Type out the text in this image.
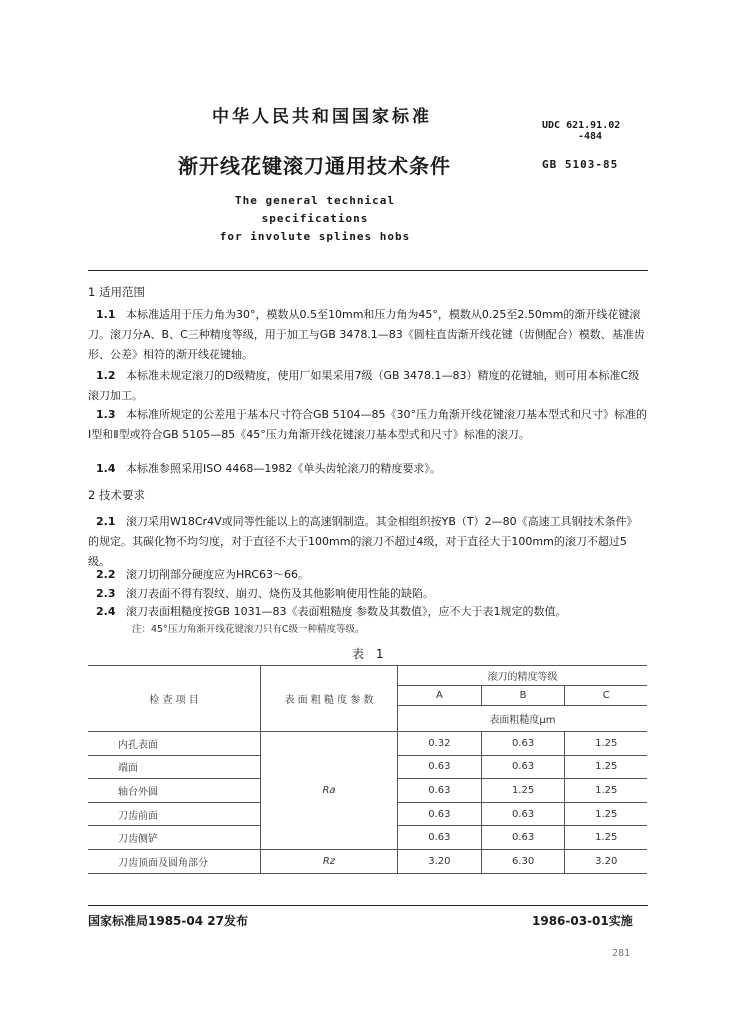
中华人民共和国国家标准	UDC 621.91.02
-484
渐开线花键滚刀通用技术条件	GB 5103-85
The general technical specifications
for involute splines hobs
1 适用范围
1.1 本标准适用于压力角为30°，模数从0.5至10mm和压力角为45°，模数从0.25至2.50mm的渐开线花键滚刀。滚刀分A、B、C三种精度等级，用于加工与GB 3478.1—83《圆柱直齿渐开线花键（齿侧配合）模数、基准齿形、公差》相符的渐开线花键轴。
1.2 本标准未规定滚刀的D级精度，使用厂如果采用7级（GB 3478.1—83）精度的花键轴，则可用本标准C级滚刀加工。
1.3 本标准所规定的公差甩于基本尺寸符合GB 5104—85《30°压力角渐开线花键滚刀基本型式和尺寸》标准的Ⅰ型和Ⅱ型或符合GB 5105—85《45°压力角渐开线花键滚刀基本型式和尺寸》标准的滚刀。
1.4 本标准参照采用ISO 4468—1982《单头齿轮滚刀的精度要求》。
2 技术要求
2.1 滚刀采用W18Cr4V或同等性能以上的高速钢制造。其金相组织按YB（T）2—80《高速工具钢技术条件》的规定。其碳化物不均匀度，对于直径不大于100mm的滚刀不超过4级，对于直径大于100mm的滚刀不超过5级。
2.2 滚刀切削部分硬度应为HRC63～66。
2.3 滚刀表面不得有裂纹、崩刃、烧伤及其他影响使用性能的缺陷。
2.4 滚刀表面粗糙度按GB 1031—83《表面粗糙度 参数及其数值》，应不大于表1规定的数值。
注：45°压力角渐开线花键滚刀只有C级一种精度等级。
表 1
检 查 项 目	表 面 粗 糙 度 参 数	滚刀的精度等级		
		A	B	C
		表面粗糙度μm		
内孔表面	Ra	0.32	0.63	1.25
端面		0.63	0.63	1.25
轴台外圆		0.63	1.25	1.25
刀齿前面		0.63	0.63	1.25
刀齿侧铲		0.63	0.63	1.25
刀齿顶面及圆角部分	Rz	3.20	6.30	3.20
国家标准局1985-04 27发布	1986-03-01实施
281
